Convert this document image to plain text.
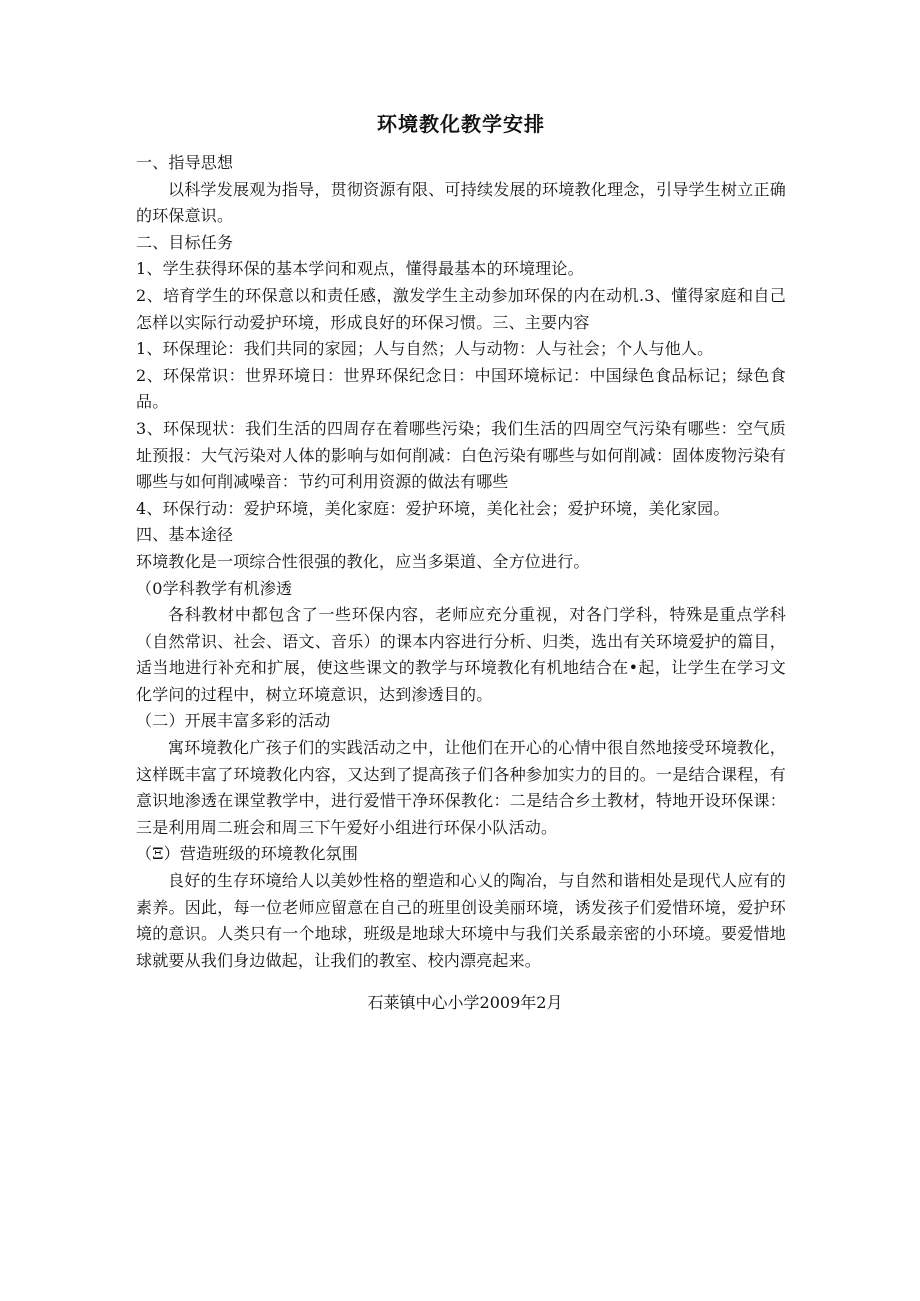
环境教化教学安排

一、指导思想

以科学发展观为指导，贯彻资源有限、可持续发展的环境教化理念，引导学生树立正确的环保意识。

二、目标任务

1、学生获得环保的基本学问和观点，懂得最基本的环境理论。

2、培育学生的环保意以和责任感，激发学生主动参加环保的内在动机.3、懂得家庭和自己怎样以实际行动爱护环境，形成良好的环保习惯。三、主要内容

1、环保理论：我们共同的家园；人与自然；人与动物：人与社会；个人与他人。

2、环保常识：世界环境日：世界环保纪念日：中国环境标记：中国绿色食品标记；绿色食品。

3、环保现状：我们生活的四周存在着哪些污染；我们生活的四周空气污染有哪些：空气质址预报：大气污染对人体的影响与如何削减：白色污染有哪些与如何削减：固体废物污染有哪些与如何削减噪音：节约可利用资源的做法有哪些

4、环保行动：爱护环境，美化家庭：爱护环境，美化社会；爱护环境，美化家园。

四、基本途径

环境教化是一项综合性很强的教化，应当多渠道、全方位进行。

（0学科教学有机渗透

各科教材中都包含了一些环保内容，老师应充分重视，对各门学科，特殊是重点学科（自然常识、社会、语文、音乐）的课本内容进行分析、归类，选出有关环境爱护的篇目，适当地进行补充和扩展，使这些课文的教学与环境教化有机地结合在•起，让学生在学习文化学问的过程中，树立环境意识，达到渗透目的。

（二）开展丰富多彩的活动

寓环境教化广孩子们的实践活动之中，让他们在开心的心情中很自然地接受环境教化，这样既丰富了环境教化内容，又达到了提高孩子们各种参加实力的目的。一是结合课程，有意识地渗透在课堂教学中，进行爱惜干净环保教化：二是结合乡土教材，特地开设环保课：三是利用周二班会和周三下午爱好小组进行环保小队活动。

（Ξ）营造班级的环境教化氛围

良好的生存环境给人以美妙性格的塑造和心乂的陶冶，与自然和谐相处是现代人应有的素养。因此，每一位老师应留意在自己的班里创设美丽环境，诱发孩子们爱惜环境，爱护环境的意识。人类只有一个地球，班级是地球大环境中与我们关系最亲密的小环境。要爱惜地球就要从我们身边做起，让我们的教室、校内漂亮起来。

石莱镇中心小学2009年2月
